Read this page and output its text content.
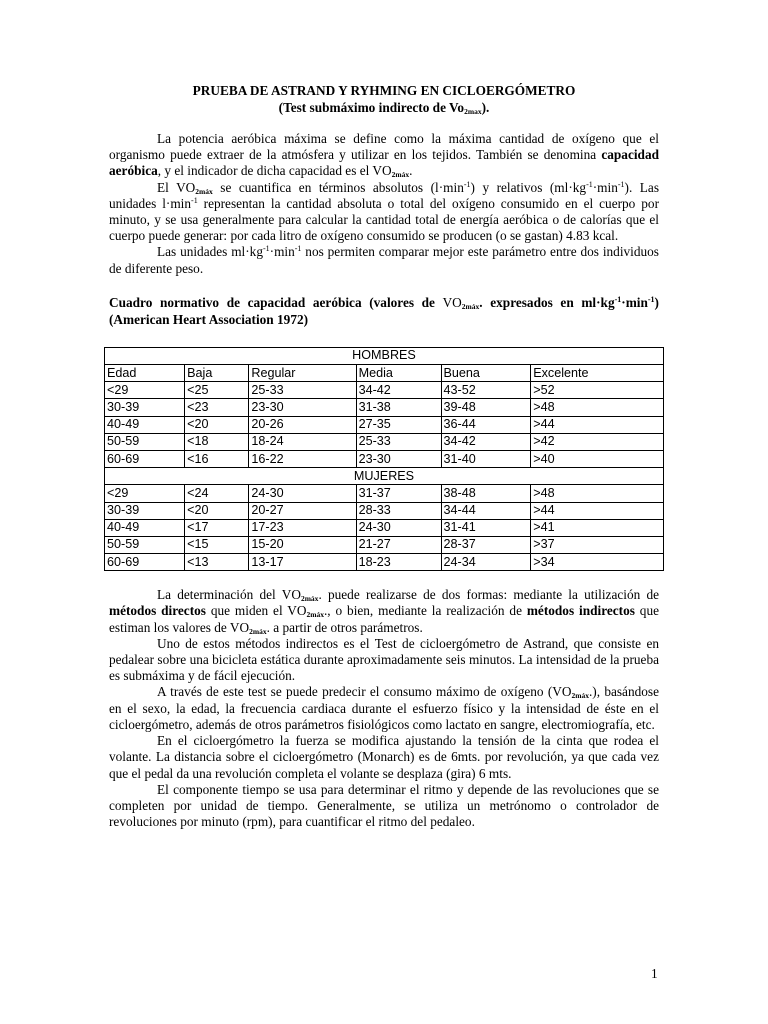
PRUEBA DE ASTRAND Y RYHMING EN CICLOERGÓMETRO
(Test submáximo indirecto de $Vo_{2max}$).

La potencia aeróbica máxima se define como la máxima cantidad de oxígeno que el organismo puede extraer de la atmósfera y utilizar en los tejidos. También se denomina capacidad aeróbica, y el indicador de dicha capacidad es el $VO_{2máx}$.

El $VO_{2máx}$ se cuantifica en términos absolutos $(l\cdot\min^{-1})$ y relativos $(ml\cdot kg^{-1}\cdot\min^{-1})$. Las unidades $l\cdot\min^{-1}$ representan la cantidad absoluta o total del oxígeno consumido en el cuerpo por minuto, y se usa generalmente para calcular la cantidad total de energía aeróbica o de calorías que el cuerpo puede generar: por cada litro de oxígeno consumido se producen (o se gastan) 4.83 kcal.

Las unidades $ml\cdot kg^{-1}\cdot\min^{-1}$ nos permiten comparar mejor este parámetro entre dos individuos de diferente peso.

Cuadro normativo de capacidad aeróbica (valores de $VO_{2máx}$. expresados en $ml\cdot kg^{-1}\cdot\min^{-1}$) (American Heart Association 1972)
HOMBRES					
Edad	Baja	Regular	Media	Buena	Excelente
<29	<25	25-33	34-42	43-52	>52
30-39	<23	23-30	31-38	39-48	>48
40-49	<20	20-26	27-35	36-44	>44
50-59	<18	18-24	25-33	34-42	>42
60-69	<16	16-22	23-30	31-40	>40
MUJERES					
<29	<24	24-30	31-37	38-48	>48
30-39	<20	20-27	28-33	34-44	>44
40-49	<17	17-23	24-30	31-41	>41
50-59	<15	15-20	21-27	28-37	>37
60-69	<13	13-17	18-23	24-34	>34

La determinación del $VO_{2máx}$. puede realizarse de dos formas: mediante la utilización de métodos directos que miden el $VO_{2máx}$., o bien, mediante la realización de métodos indirectos que estiman los valores de $VO_{2máx}$. a partir de otros parámetros.

Uno de estos métodos indirectos es el Test de cicloergómetro de Astrand, que consiste en pedalear sobre una bicicleta estática durante aproximadamente seis minutos. La intensidad de la prueba es submáxima y de fácil ejecución.

A través de este test se puede predecir el consumo máximo de oxígeno $(VO_{2máx}.)$, basándose en el sexo, la edad, la frecuencia cardiaca durante el esfuerzo físico y la intensidad de éste en el cicloergómetro, además de otros parámetros fisiológicos como lactato en sangre, electromiografía, etc.

En el cicloergómetro la fuerza se modifica ajustando la tensión de la cinta que rodea el volante. La distancia sobre el cicloergómetro (Monarch) es de 6mts. por revolución, ya que cada vez que el pedal da una revolución completa el volante se desplaza (gira) 6 mts.

El componente tiempo se usa para determinar el ritmo y depende de las revoluciones que se completen por unidad de tiempo. Generalmente, se utiliza un metrónomo o controlador de revoluciones por minuto (rpm), para cuantificar el ritmo del pedaleo.

1
